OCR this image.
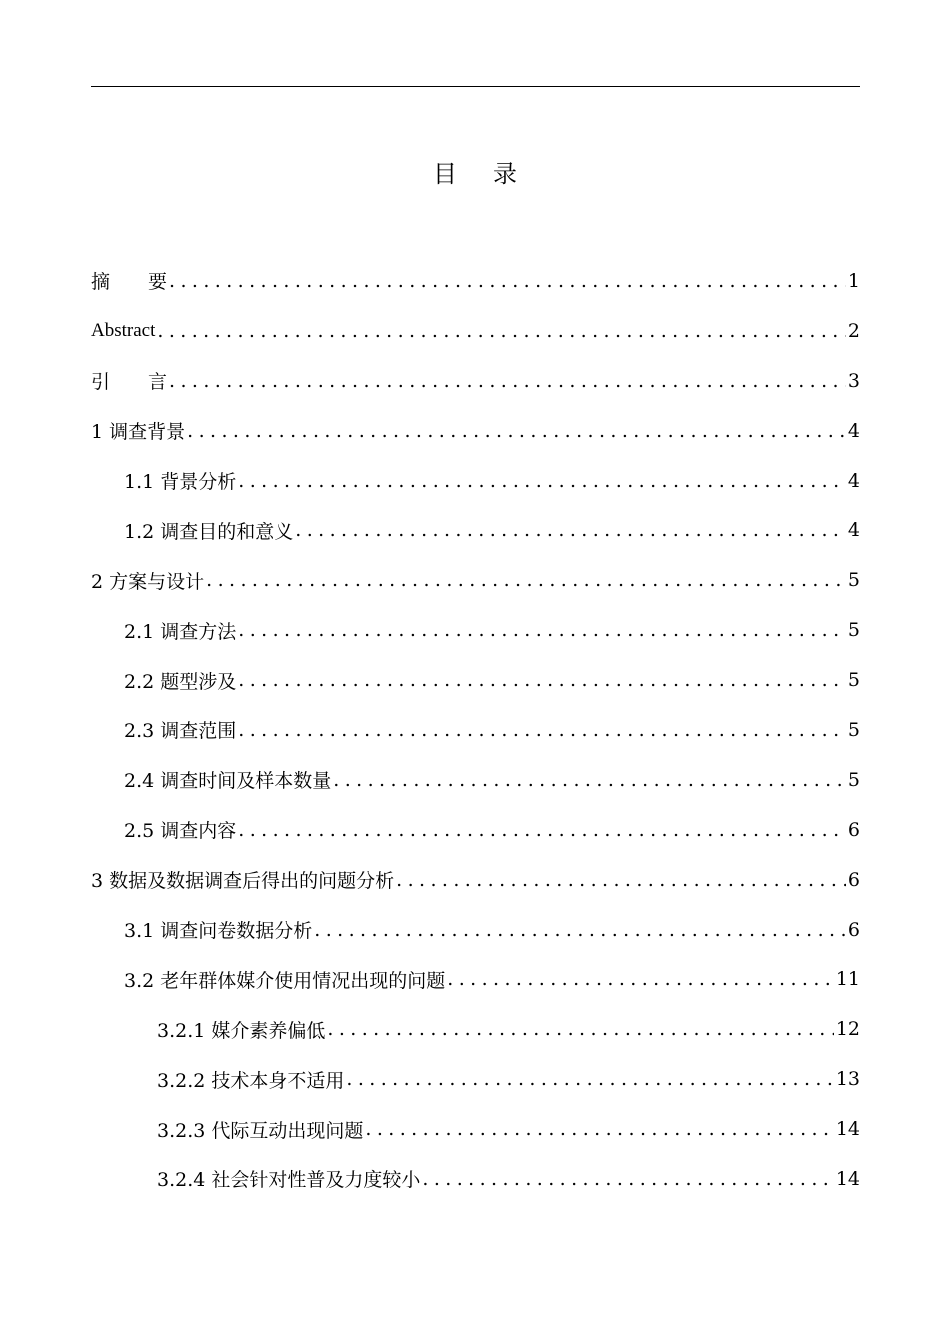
目录
摘要 .....	1
Abstract .....	2
引言 .....	3
1 调查背景 .....	4
1.1 背景分析 .....	4
1.2 调查目的和意义 .....	4
2 方案与设计 .....	5
2.1 调查方法 .....	5
2.2 题型涉及 .....	5
2.3 调查范围 .....	5
2.4 调查时间及样本数量 .....	5
2.5 调查内容 .....	6
3 数据及数据调查后得出的问题分析 .....	6
3.1 调查问卷数据分析 .....	6
3.2 老年群体媒介使用情况出现的问题 .....	11
3.2.1 媒介素养偏低 .....	12
3.2.2 技术本身不适用 .....	13
3.2.3 代际互动出现问题 .....	14
3.2.4 社会针对性普及力度较小 .....	14
